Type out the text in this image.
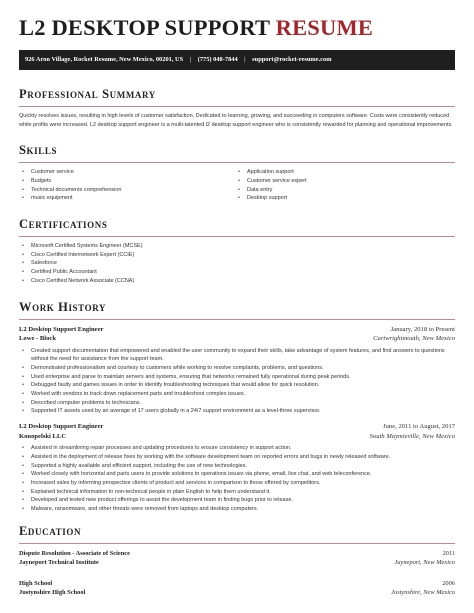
L2 DESKTOP SUPPORT RESUME
926 Aron Village, Rocket Resume, New Mexico, 00201, US | (775) 048-7844 | support@rocket-resume.com
Professional Summary
Quickly resolves issues, resulting in high levels of customer satisfaction. Dedicated to learning, growing, and succeeding in computers software. Costs were consistently reduced while profits were increased. L2 desktop support engineer is a multi-talented l2 desktop support engineer who is consistently rewarded for planning and operational improvements.
Skills
• Customer service
• Budgets
• Technical documents comprehension
• music equipment
• Application support
• Customer service expert
• Data entry
• Desktop support
Certifications
• Microsoft Certified Systems Engineer (MCSE)
• Cisco Certified Internetwork Expert (CCIE)
• Salesforce
• Certified Public Accountant
• Cisco Certified Network Associate (CCNA)
Work History
L2 Desktop Support Engineer	January, 2018 to Present
Lowe - Block	Cartwrightmouth, New Mexico
• Created support documentation that empowered and enabled the user community to expand their skills, take advantage of system features, and find answers to questions without the need for assistance from the support team.
• Demonstrated professionalism and courtesy to customers while working to resolve complaints, problems, and questions.
• Used enterprise and parse to maintain servers and systems, ensuring that networks remained fully operational during peak periods.
• Debugged faulty and games issues in order to identify troubleshooting techniques that would allow for quick resolution.
• Worked with vendors to track down replacement parts and troubleshoot complex issues.
• Described computer problems to technicians.
• Supported IT assets used by an average of 17 users globally in a 24/7 support environment as a level-three supervisor.
L2 Desktop Support Engineer	June, 2011 to August, 2017
Konopelski LLC	South Maymieville, New Mexico
• Assisted in streamlining repair processes and updating procedures to ensure consistency in support action.
• Assisted in the deployment of release fixes by working with the software development team on reported errors and bugs in newly released software.
• Supported a highly available and efficient support, including the use of new technologies.
• Worked closely with horizontal and parts users to provide solutions to operations issues via phone, email, live chat, and web teleconference.
• Increased sales by informing prospective clients of product and services in comparison to those offered by competitors.
• Explained technical information to non-technical people in plain English to help them understand it.
• Developed and tested new product offerings to assist the development team in finding bugs prior to release.
• Malware, ransomware, and other threats were removed from laptops and desktop computers.
Education
Dispute Resolution - Associate of Science	2011
Jayneport Technical Institute	Jayneport, New Mexico
High School	2006
Justynshire High School	Justynshire, New Mexico
